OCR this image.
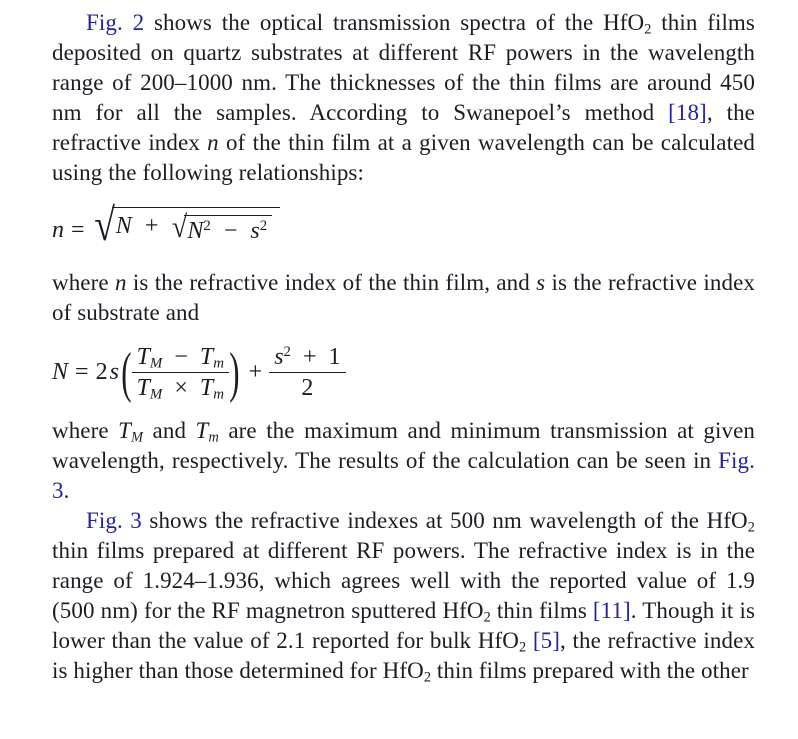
Fig. 2 shows the optical transmission spectra of the HfO$_2$ thin films deposited on quartz substrates at different RF powers in the wavelength range of 200–1000 nm. The thicknesses of the thin films are around 450 nm for all the samples. According to Swanepoel’s method [18], the refractive index n of the thin film at a given wavelength can be calculated using the following relationships:

n = √ N + √ $N^2 - s^2$

where n is the refractive index of the thin film, and s is the refractive index of substrate and

N = 2 s ( $\frac{T_M - T_m}{T_M \times T_m}$ ) + $\frac{s^2 + 1}{2}$

where $T_M$ and $T_m$ are the maximum and minimum transmission at given wavelength, respectively. The results of the calculation can be seen in Fig. 3.

Fig. 3 shows the refractive indexes at 500 nm wavelength of the HfO$_2$ thin films prepared at different RF powers. The refractive index is in the range of 1.924–1.936, which agrees well with the reported value of 1.9 (500 nm) for the RF magnetron sputtered HfO$_2$ thin films [11]. Though it is lower than the value of 2.1 reported for bulk HfO$_2$ [5], the refractive index is higher than those determined for HfO$_2$ thin films prepared with the other
